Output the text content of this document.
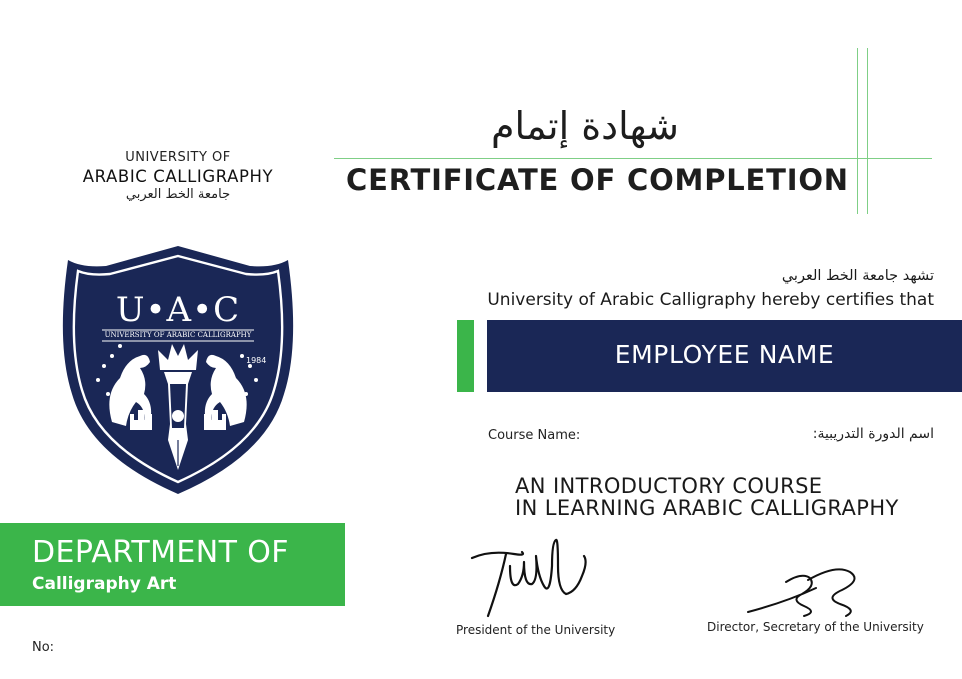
UNIVERSITY OF
ARABIC CALLIGRAPHY
جامعة الخط العربي
U•A•C
UNIVERSITY OF ARABIC CALLIGRAPHY
1984
شهادة إتمام
CERTIFICATE OF COMPLETION
تشهد جامعة الخط العربي
University of Arabic Calligraphy hereby certifies that
EMPLOYEE NAME
Course Name:	اسم الدورة التدريبية:
AN INTRODUCTORY COURSE
IN LEARNING ARABIC CALLIGRAPHY
DEPARTMENT OF
Calligraphy Art
No:
President of the University	Director, Secretary of the University
